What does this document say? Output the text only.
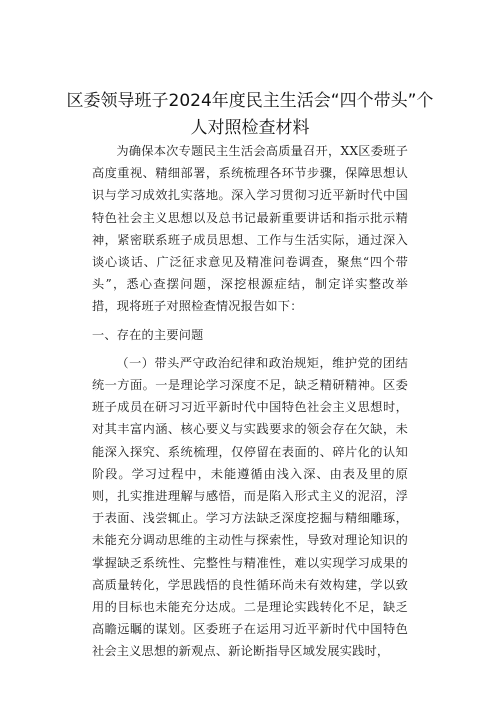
区委领导班子2024年度民主生活会“四个带头”个人对照检查材料

为确保本次专题民主生活会高质量召开，XX区委班子高度重视、精细部署，系统梳理各环节步骤，保障思想认识与学习成效扎实落地。深入学习贯彻习近平新时代中国特色社会主义思想以及总书记最新重要讲话和指示批示精神，紧密联系班子成员思想、工作与生活实际，通过深入谈心谈话、广泛征求意见及精准问卷调查，聚焦“四个带头”，悉心查摆问题，深挖根源症结，制定详实整改举措，现将班子对照检查情况报告如下：

一、存在的主要问题

（一）带头严守政治纪律和政治规矩，维护党的团结统一方面。一是理论学习深度不足，缺乏精研精神。区委班子成员在研习习近平新时代中国特色社会主义思想时，对其丰富内涵、核心要义与实践要求的领会存在欠缺，未能深入探究、系统梳理，仅停留在表面的、碎片化的认知阶段。学习过程中，未能遵循由浅入深、由表及里的原则，扎实推进理解与感悟，而是陷入形式主义的泥沼，浮于表面、浅尝辄止。学习方法缺乏深度挖掘与精细雕琢，未能充分调动思维的主动性与探索性，导致对理论知识的掌握缺乏系统性、完整性与精准性，难以实现学习成果的高质量转化，学思践悟的良性循环尚未有效构建，学以致用的目标也未能充分达成。二是理论实践转化不足，缺乏高瞻远瞩的谋划。区委班子在运用习近平新时代中国特色社会主义思想的新观点、新论断指导区域发展实践时，
